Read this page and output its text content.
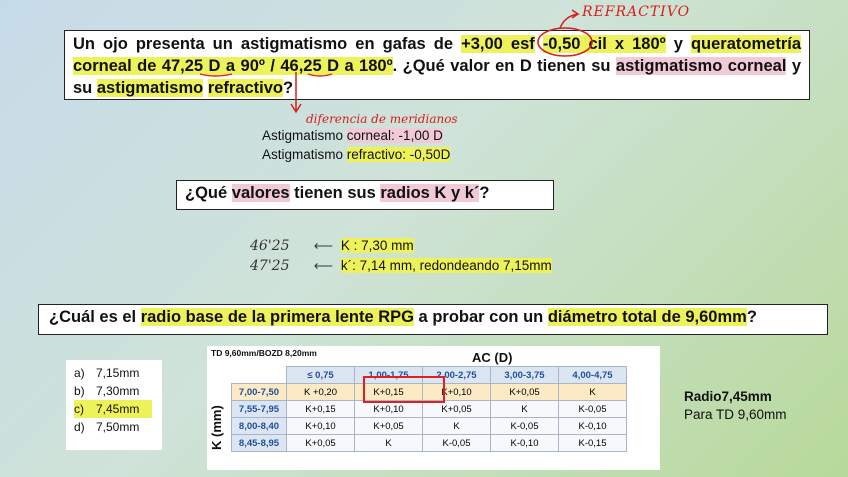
Un ojo presenta un astigmatismo en gafas de +3,00 esf -0,50 cil x 180º y queratometría corneal de 47,25 D a 90º / 46,25 D a 180º. ¿Qué valor en D tienen su astigmatismo corneal y su astigmatismo refractivo?
REFRACTIVO
diferencia de meridianos
Astigmatismo corneal: -1,00 D
Astigmatismo refractivo: -0,50D
¿Qué valores tienen sus radios K y k´?
46'25 ⟵ K : 7,30 mm
47'25 ⟵ k´: 7,14 mm, redondeando 7,15mm
¿Cuál es el radio base de la primera lente RPG a probar con un diámetro total de 9,60mm?
a) 7,15mm
b) 7,30mm
c) 7,45mm
d) 7,50mm
TD 9,60mm/BOZD 8,20mm	AC (D)
K (mm)
	≤ 0,75	1,00-1,75	2,00-2,75	3,00-3,75	4,00-4,75
7,00-7,50	K +0,20	K+0,15	K+0,10	K+0,05	K
7,55-7,95	K+0,15	K+0,10	K+0,05	K	K-0,05
8,00-8,40	K+0,10	K+0,05	K	K-0,05	K-0,10
8,45-8,95	K+0,05	K	K-0,05	K-0,10	K-0,15
Radio7,45mm
Para TD 9,60mm
